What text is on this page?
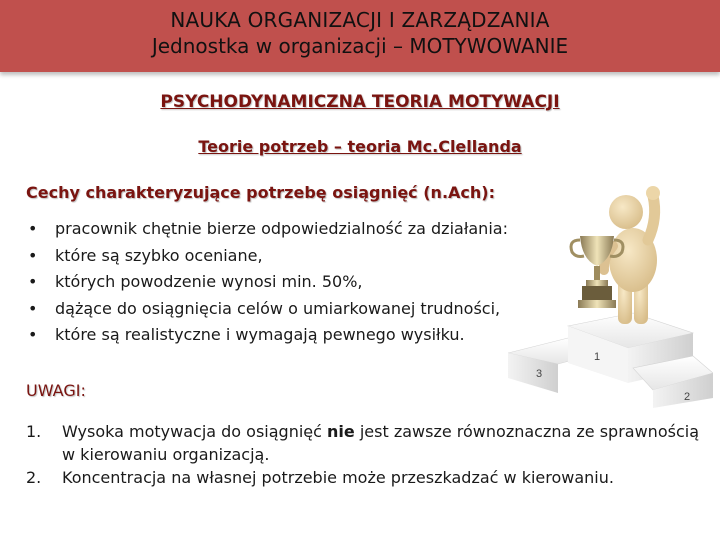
NAUKA ORGANIZACJI I ZARZĄDZANIA
Jednostka w organizacji – MOTYWOWANIE
PSYCHODYNAMICZNA TEORIA MOTYWACJI
Teorie potrzeb – teoria Mc.Clellanda
Cechy charakteryzujące potrzebę osiągnięć (n.Ach):
• pracownik chętnie bierze odpowiedzialność za działania:
• które są szybko oceniane,
• których powodzenie wynosi min. 50%,
• dążące do osiągnięcia celów o umiarkowanej trudności,
• które są realistyczne i wymagają pewnego wysiłku.
UWAGI:
1. Wysoka motywacja do osiągnięć nie jest zawsze równoznaczna ze sprawnością w kierowaniu organizacją.
2. Koncentracja na własnej potrzebie może przeszkadzać w kierowaniu.
1
3
2
